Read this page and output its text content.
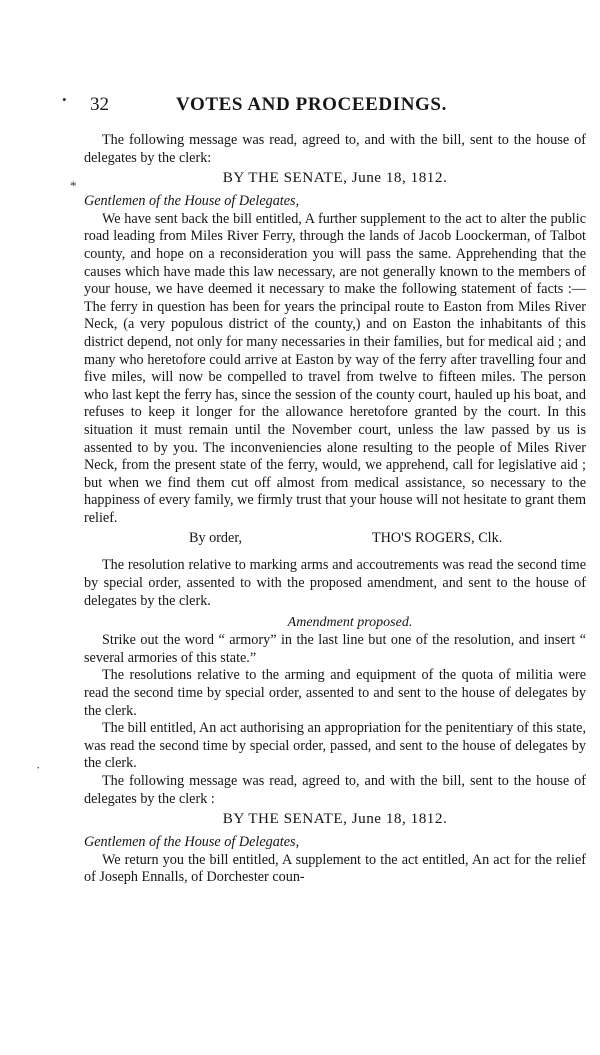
•
*
·
32	VOTES AND PROCEEDINGS.

The following message was read, agreed to, and with the bill, sent to the house of delegates by the clerk:

BY THE SENATE, June 18, 1812.
Gentlemen of the House of Delegates,

We have sent back the bill entitled, A further supplement to the act to alter the public road leading from Miles River Ferry, through the lands of Jacob Loockerman, of Talbot county, and hope on a reconsideration you will pass the same. Apprehending that the causes which have made this law necessary, are not generally known to the members of your house, we have deemed it necessary to make the following statement of facts :—The ferry in question has been for years the principal route to Easton from Miles River Neck, (a very populous district of the county,) and on Easton the inhabitants of this district depend, not only for many necessaries in their families, but for medical aid ; and many who heretofore could arrive at Easton by way of the ferry after travelling four and five miles, will now be compelled to travel from twelve to fifteen miles. The person who last kept the ferry has, since the session of the county court, hauled up his boat, and refuses to keep it longer for the allowance heretofore granted by the court. In this situation it must remain until the November court, unless the law passed by us is assented to by you. The inconveniencies alone resulting to the people of Miles River Neck, from the present state of the ferry, would, we apprehend, call for legislative aid ; but when we find them cut off almost from medical assistance, so necessary to the happiness of every family, we firmly trust that your house will not hesitate to grant them relief.

By order,	THO'S ROGERS, Clk.

The resolution relative to marking arms and accoutrements was read the second time by special order, assented to with the proposed amendment, and sent to the house of delegates by the clerk.

Amendment proposed.

Strike out the word “ armory” in the last line but one of the resolution, and insert “ several armories of this state.”

The resolutions relative to the arming and equipment of the quota of militia were read the second time by special order, assented to and sent to the house of delegates by the clerk.

The bill entitled, An act authorising an appropriation for the penitentiary of this state, was read the second time by special order, passed, and sent to the house of delegates by the clerk.

The following message was read, agreed to, and with the bill, sent to the house of delegates by the clerk :

BY THE SENATE, June 18, 1812.
Gentlemen of the House of Delegates,

We return you the bill entitled, A supplement to the act entitled, An act for the relief of Joseph Ennalls, of Dorchester coun-
